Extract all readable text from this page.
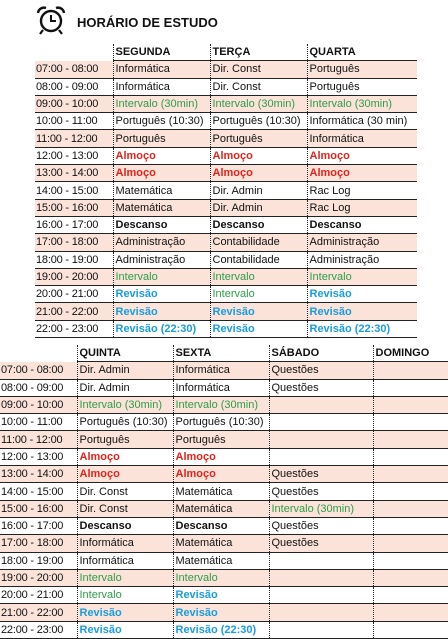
HORÁRIO DE ESTUDO
	SEGUNDA	TERÇA	QUARTA
07:00 - 08:00	Informática	Dir. Const	Português
08:00 - 09:00	Informática	Dir. Const	Português
09:00 - 10:00	Intervalo (30min)	Intervalo (30min)	Intervalo (30min)
10:00 - 11:00	Português (10:30)	Português (10:30)	Informática (30 min)
11:00 - 12:00	Português	Português	Informática
12:00 - 13:00	Almoço	Almoço	Almoço
13:00 - 14:00	Almoço	Almoço	Almoço
14:00 - 15:00	Matemática	Dir. Admin	Rac Log
15:00 - 16:00	Matemática	Dir. Admin	Rac Log
16:00 - 17:00	Descanso	Descanso	Descanso
17:00 - 18:00	Administração	Contabilidade	Administração
18:00 - 19:00	Administração	Contabilidade	Administração
19:00 - 20:00	Intervalo	Intervalo	Intervalo
20:00 - 21:00	Revisão	Intervalo	Revisão
21:00 - 22:00	Revisão	Revisão	Revisão
22:00 - 23:00	Revisão (22:30)	Revisão	Revisão (22:30)
	QUINTA	SEXTA	SÁBADO	DOMINGO
07:00 - 08:00	Dir. Admin	Informática	Questões	
08:00 - 09:00	Dir. Admin	Informática	Questões	
09:00 - 10:00	Intervalo (30min)	Intervalo (30min)		
10:00 - 11:00	Português (10:30)	Português (10:30)		
11:00 - 12:00	Português	Português		
12:00 - 13:00	Almoço	Almoço		
13:00 - 14:00	Almoço	Almoço	Questões	
14:00 - 15:00	Dir. Const	Matemática	Questões	
15:00 - 16:00	Dir. Const	Matemática	Intervalo (30min)	
16:00 - 17:00	Descanso	Descanso	Questões	
17:00 - 18:00	Informática	Matemática	Questões	
18:00 - 19:00	Informática	Matemática		
19:00 - 20:00	Intervalo	Intervalo		
20:00 - 21:00	Intervalo	Revisão		
21:00 - 22:00	Revisão	Revisão		
22:00 - 23:00	Revisão	Revisão (22:30)		
